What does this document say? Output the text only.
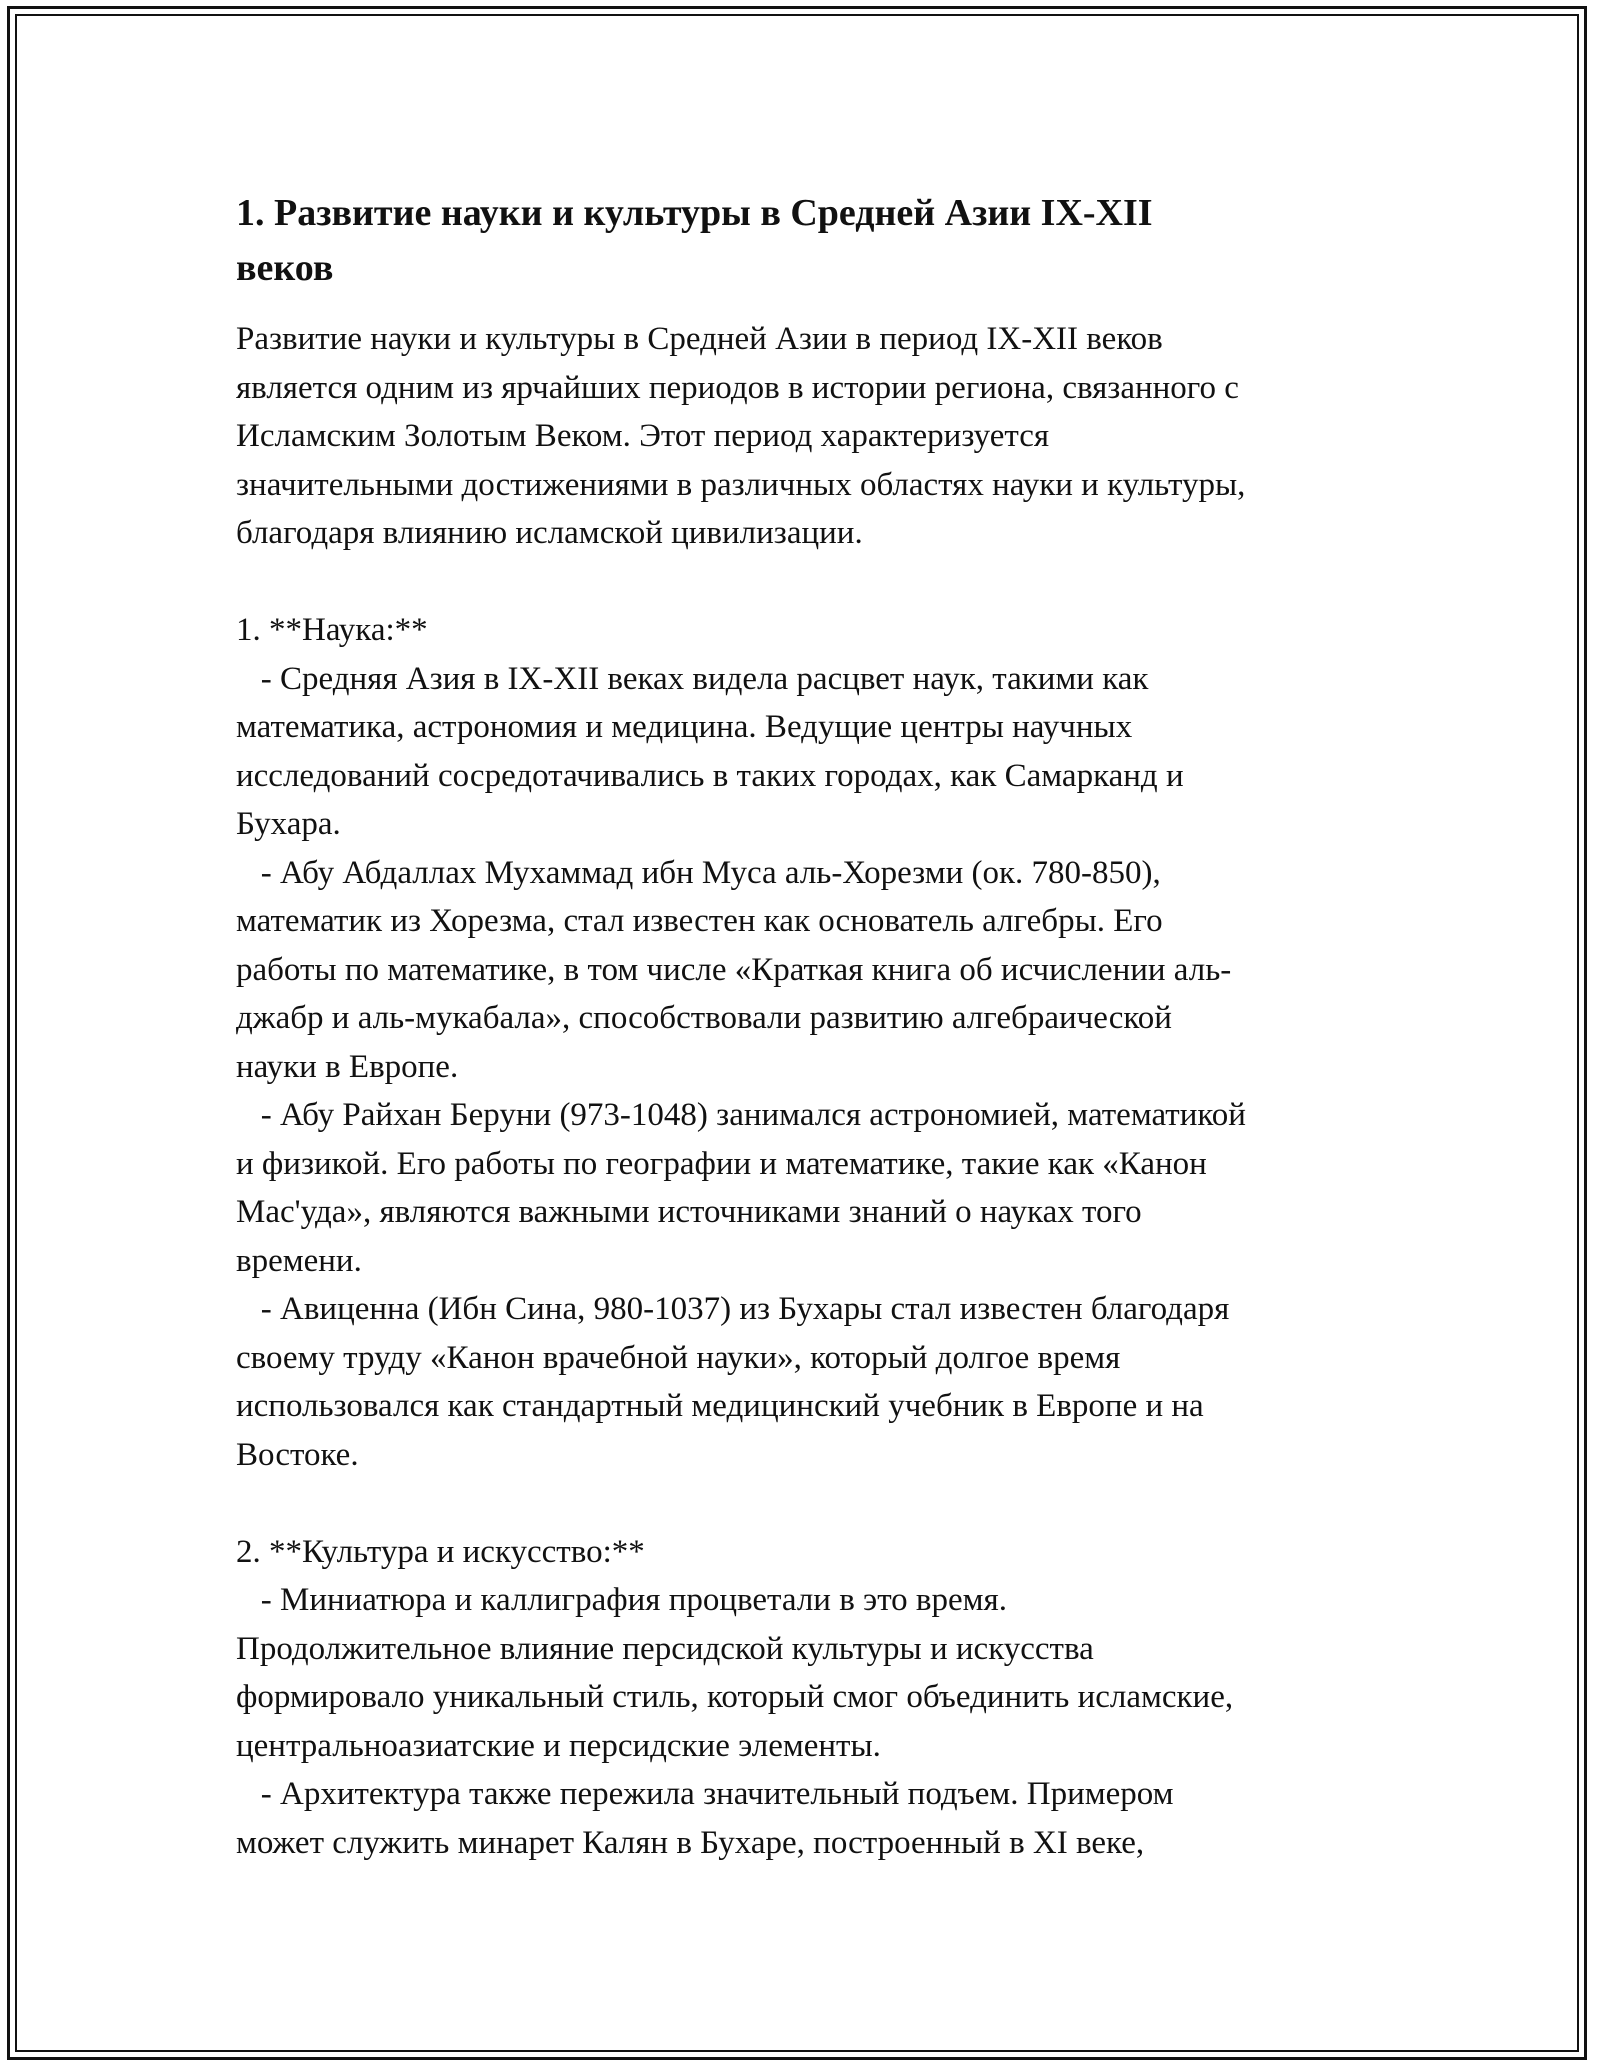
1. Развитие науки и культуры в Средней Азии IX-XII
веков
Развитие науки и культуры в Средней Азии в период IX-XII веков
является одним из ярчайших периодов в истории региона, связанного с
Исламским Золотым Веком. Этот период характеризуется
значительными достижениями в различных областях науки и культуры,
благодаря влиянию исламской цивилизации.
1. **Наука:**
- Средняя Азия в IX-XII веках видела расцвет наук, такими как
математика, астрономия и медицина. Ведущие центры научных
исследований сосредотачивались в таких городах, как Самарканд и
Бухара.
- Абу Абдаллах Мухаммад ибн Муса аль-Хорезми (ок. 780-850),
математик из Хорезма, стал известен как основатель алгебры. Его
работы по математике, в том числе «Краткая книга об исчислении аль-
джабр и аль-мукабала», способствовали развитию алгебраической
науки в Европе.
- Абу Райхан Беруни (973-1048) занимался астрономией, математикой
и физикой. Его работы по географии и математике, такие как «Канон
Мас'уда», являются важными источниками знаний о науках того
времени.
- Авиценна (Ибн Сина, 980-1037) из Бухары стал известен благодаря
своему труду «Канон врачебной науки», который долгое время
использовался как стандартный медицинский учебник в Европе и на
Востоке.
2. **Культура и искусство:**
- Миниатюра и каллиграфия процветали в это время.
Продолжительное влияние персидской культуры и искусства
формировало уникальный стиль, который смог объединить исламские,
центральноазиатские и персидские элементы.
- Архитектура также пережила значительный подъем. Примером
может служить минарет Калян в Бухаре, построенный в XI веке,
